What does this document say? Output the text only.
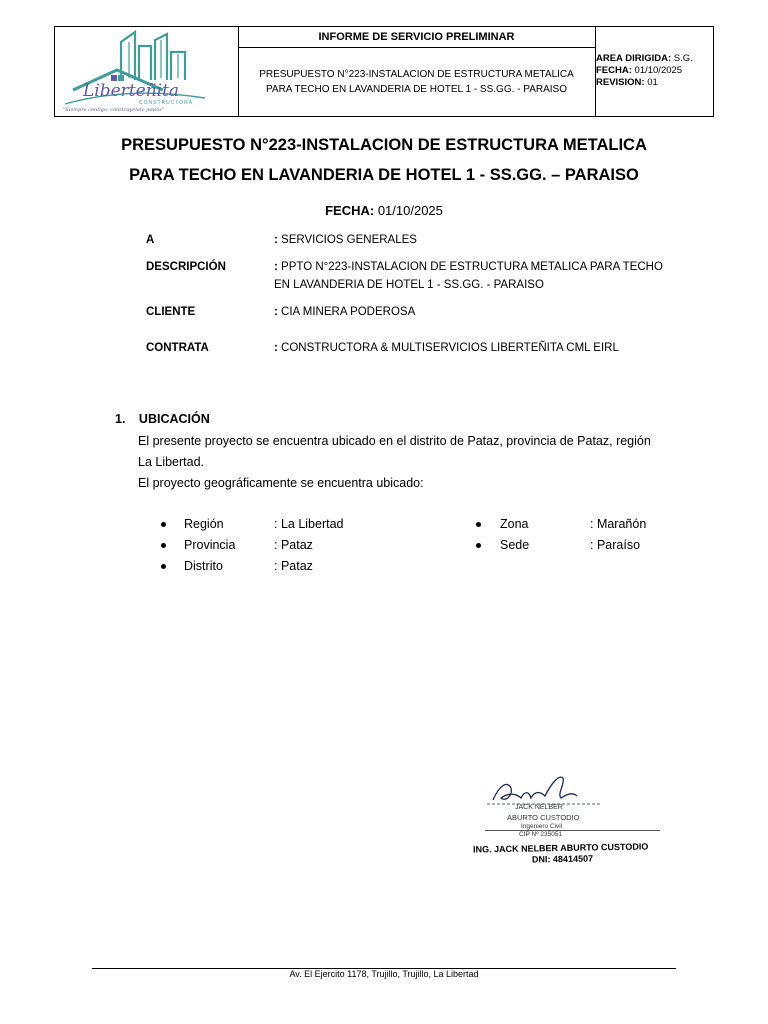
Liberteñita
CONSTRUCTORA
"Siempre contigo, construyendo juntos"
INFORME DE SERVICIO PRELIMINAR
PRESUPUESTO N°223-INSTALACION DE ESTRUCTURA METALICA
PARA TECHO EN LAVANDERIA DE HOTEL 1 - SS.GG. - PARAISO
AREA DIRIGIDA: S.G.
FECHA: 01/10/2025
REVISION: 01
PRESUPUESTO N°223-INSTALACION DE ESTRUCTURA METALICA
PARA TECHO EN LAVANDERIA DE HOTEL 1 - SS.GG. – PARAISO
FECHA: 01/10/2025
A	: SERVICIOS GENERALES
DESCRIPCIÓN	: PPTO N°223-INSTALACION DE ESTRUCTURA METALICA PARA TECHO
EN LAVANDERIA DE HOTEL 1 - SS.GG. - PARAISO
CLIENTE	: CIA MINERA PODEROSA
CONTRATA	: CONSTRUCTORA & MULTISERVICIOS LIBERTEÑITA CML EIRL
1. UBICACIÓN
El presente proyecto se encuentra ubicado en el distrito de Pataz, provincia de Pataz, región
La Libertad.
El proyecto geográficamente se encuentra ubicado:
Región	: La Libertad
Provincia	: Pataz
Distrito	: Pataz
Zona	: Marañón
Sede	: Paraíso
JACK NELBER
ABURTO CUSTODIO
Ingeniero Civil
CIP Nº 235051
ING. JACK NELBER ABURTO CUSTODIO
DNI: 48414507
Av. El Ejercito 1178, Trujillo, Trujillo, La Libertad
